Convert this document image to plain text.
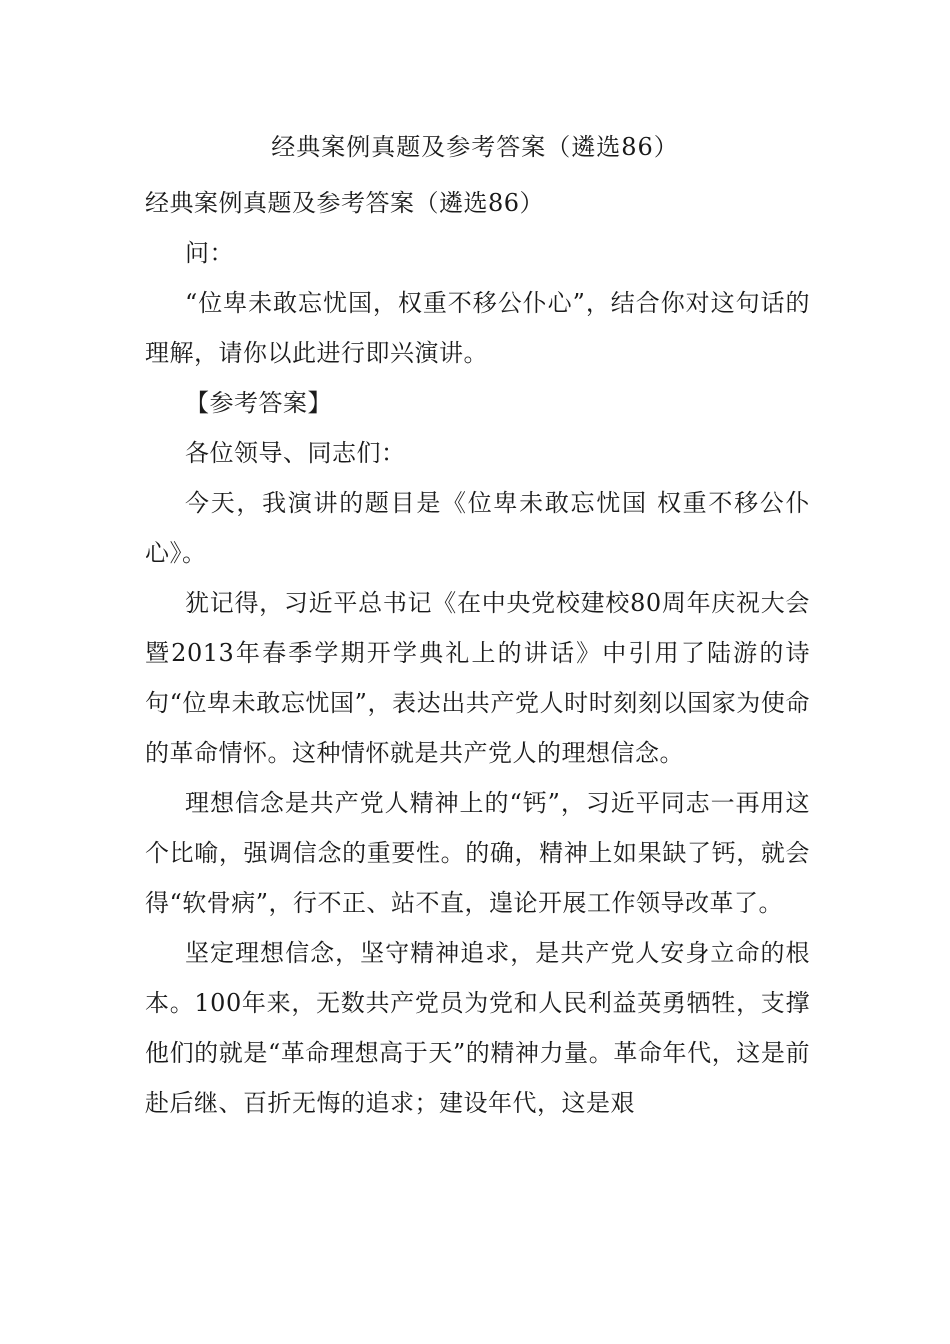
经典案例真题及参考答案（遴选86）

经典案例真题及参考答案（遴选86）

问：

“位卑未敢忘忧国，权重不移公仆心”，结合你对这句话的理解，请你以此进行即兴演讲。

【参考答案】

各位领导、同志们：

今天，我演讲的题目是《位卑未敢忘忧国 权重不移公仆心》。

犹记得，习近平总书记《在中央党校建校80周年庆祝大会暨2013年春季学期开学典礼上的讲话》中引用了陆游的诗句“位卑未敢忘忧国”，表达出共产党人时时刻刻以国家为使命的革命情怀。这种情怀就是共产党人的理想信念。

理想信念是共产党人精神上的“钙”，习近平同志一再用这个比喻，强调信念的重要性。的确，精神上如果缺了钙，就会得“软骨病”，行不正、站不直，遑论开展工作领导改革了。

坚定理想信念，坚守精神追求，是共产党人安身立命的根本。100年来，无数共产党员为党和人民利益英勇牺牲，支撑他们的就是“革命理想高于天”的精神力量。革命年代，这是前赴后继、百折无悔的追求；建设年代，这是艰
